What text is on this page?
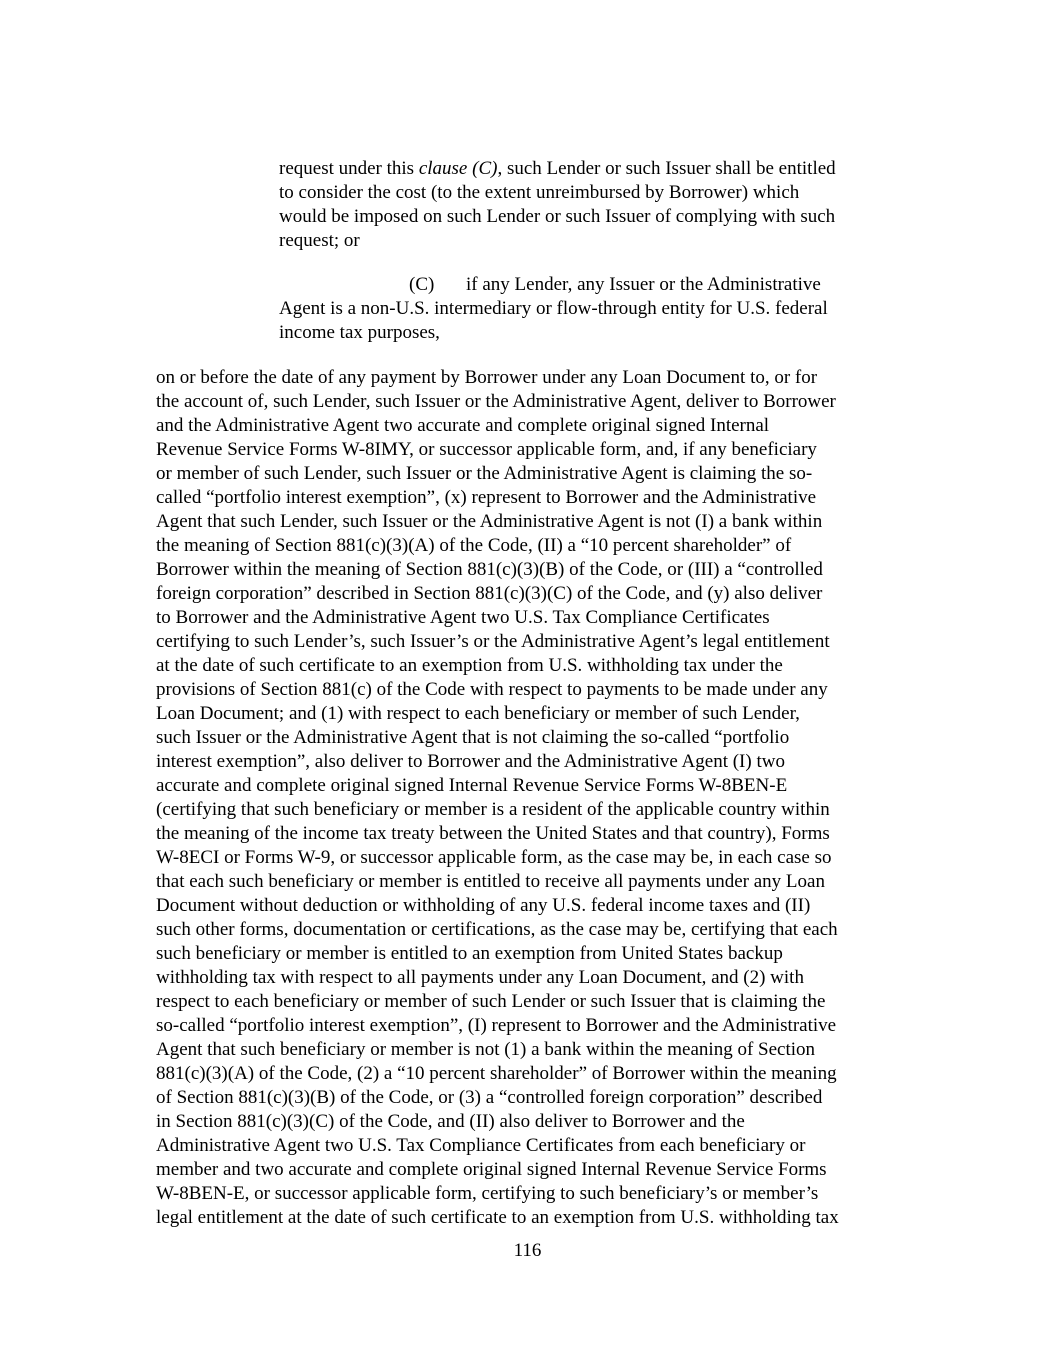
request under this clause (C), such Lender or such Issuer shall be entitled
to consider the cost (to the extent unreimbursed by Borrower) which
would be imposed on such Lender or such Issuer of complying with such
request; or
(C) if any Lender, any Issuer or the Administrative
Agent is a non-U.S. intermediary or flow-through entity for U.S. federal
income tax purposes,
on or before the date of any payment by Borrower under any Loan Document to, or for
the account of, such Lender, such Issuer or the Administrative Agent, deliver to Borrower
and the Administrative Agent two accurate and complete original signed Internal
Revenue Service Forms W-8IMY, or successor applicable form, and, if any beneficiary
or member of such Lender, such Issuer or the Administrative Agent is claiming the so-
called “portfolio interest exemption”, (x) represent to Borrower and the Administrative
Agent that such Lender, such Issuer or the Administrative Agent is not (I) a bank within
the meaning of Section 881(c)(3)(A) of the Code, (II) a “10 percent shareholder” of
Borrower within the meaning of Section 881(c)(3)(B) of the Code, or (III) a “controlled
foreign corporation” described in Section 881(c)(3)(C) of the Code, and (y) also deliver
to Borrower and the Administrative Agent two U.S. Tax Compliance Certificates
certifying to such Lender’s, such Issuer’s or the Administrative Agent’s legal entitlement
at the date of such certificate to an exemption from U.S. withholding tax under the
provisions of Section 881(c) of the Code with respect to payments to be made under any
Loan Document; and (1) with respect to each beneficiary or member of such Lender,
such Issuer or the Administrative Agent that is not claiming the so-called “portfolio
interest exemption”, also deliver to Borrower and the Administrative Agent (I) two
accurate and complete original signed Internal Revenue Service Forms W-8BEN-E
(certifying that such beneficiary or member is a resident of the applicable country within
the meaning of the income tax treaty between the United States and that country), Forms
W-8ECI or Forms W-9, or successor applicable form, as the case may be, in each case so
that each such beneficiary or member is entitled to receive all payments under any Loan
Document without deduction or withholding of any U.S. federal income taxes and (II)
such other forms, documentation or certifications, as the case may be, certifying that each
such beneficiary or member is entitled to an exemption from United States backup
withholding tax with respect to all payments under any Loan Document, and (2) with
respect to each beneficiary or member of such Lender or such Issuer that is claiming the
so-called “portfolio interest exemption”, (I) represent to Borrower and the Administrative
Agent that such beneficiary or member is not (1) a bank within the meaning of Section
881(c)(3)(A) of the Code, (2) a “10 percent shareholder” of Borrower within the meaning
of Section 881(c)(3)(B) of the Code, or (3) a “controlled foreign corporation” described
in Section 881(c)(3)(C) of the Code, and (II) also deliver to Borrower and the
Administrative Agent two U.S. Tax Compliance Certificates from each beneficiary or
member and two accurate and complete original signed Internal Revenue Service Forms
W-8BEN-E, or successor applicable form, certifying to such beneficiary’s or member’s
legal entitlement at the date of such certificate to an exemption from U.S. withholding tax
116
